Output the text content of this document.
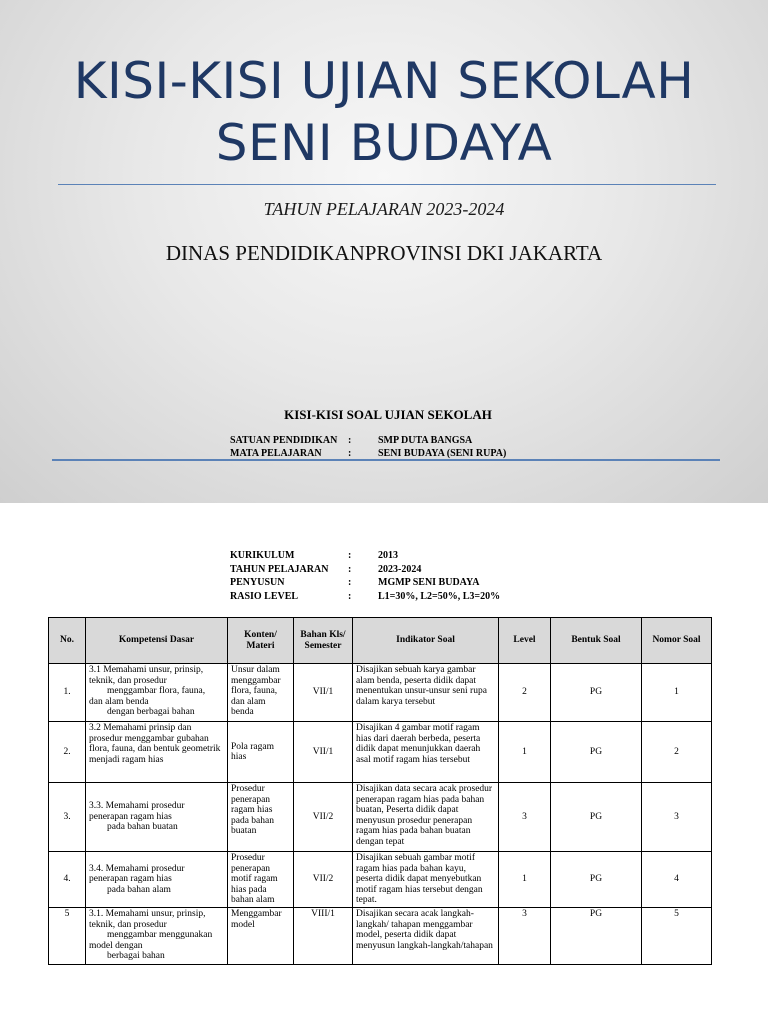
KISI-KISI UJIAN SEKOLAH
SENI BUDAYA
TAHUN PELAJARAN 2023-2024
DINAS PENDIDIKANPROVINSI DKI JAKARTA
KISI-KISI SOAL UJIAN SEKOLAH
SATUAN PENDIDIKAN :	SMP DUTA BANGSA
MATA PELAJARAN	:	SENI BUDAYA (SENI RUPA)
KURIKULUM	:	2013
TAHUN PELAJARAN :	2023-2024
PENYUSUN	:	MGMP SENI BUDAYA
RASIO LEVEL	:	L1=30%, L2=50%, L3=20%
No.	Kompetensi Dasar	Konten/ Materi	Bahan Kls/ Semester	Indikator Soal	Level	Bentuk Soal	Nomor Soal
1.	3.1 Memahami unsur, prinsip, teknik, dan prosedur
menggambar flora, fauna,
dan alam benda
dengan berbagai bahan	Unsur dalam menggambar flora, fauna, dan alam benda	VII/1	Disajikan sebuah karya gambar alam benda, peserta didik dapat menentukan unsur-unsur seni rupa dalam karya tersebut	2	PG	1
2.	3.2 Memahami prinsip dan prosedur menggambar gubahan flora, fauna, dan bentuk geometrik menjadi ragam hias	Pola ragam hias	VII/1	Disajikan 4 gambar motif ragam hias dari daerah berbeda, peserta didik dapat menunjukkan daerah asal motif ragam hias tersebut	1	PG	2
3.	3.3. Memahami prosedur penerapan ragam hias
pada bahan buatan	Prosedur penerapan ragam hias pada bahan buatan	VII/2	Disajikan data secara acak prosedur penerapan ragam hias pada bahan buatan, Peserta didik dapat menyusun prosedur penerapan ragam hias pada bahan buatan dengan tepat	3	PG	3
4.	3.4. Memahami prosedur penerapan ragam hias
pada bahan alam	Prosedur penerapan motif ragam hias pada bahan alam	VII/2	Disajikan sebuah gambar motif ragam hias pada bahan kayu, peserta didik dapat menyebutkan motif ragam hias tersebut dengan tepat.	1	PG	4
5	3.1. Memahami unsur, prinsip, teknik, dan prosedur
menggambar menggunakan
model dengan
berbagai bahan	Menggambar model	VIII/1	Disajikan secara acak langkah-langkah/ tahapan menggambar model, peserta didik dapat menyusun langkah-langkah/tahapan	3	PG	5
